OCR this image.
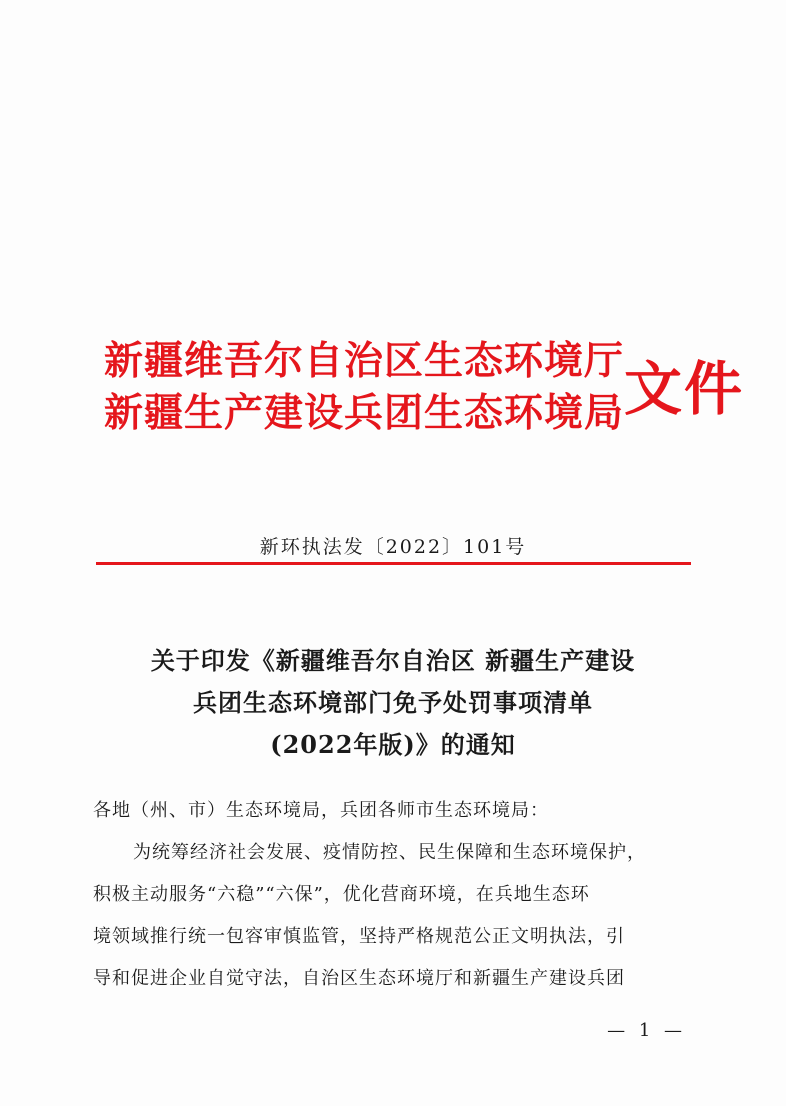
新疆维吾尔自治区生态环境厅
新疆生产建设兵团生态环境局 文件
新环执法发〔2022〕101号
关于印发《新疆维吾尔自治区 新疆生产建设
兵团生态环境部门免予处罚事项清单
(2022年版)》的通知
各地（州、市）生态环境局，兵团各师市生态环境局：
为统筹经济社会发展、疫情防控、民生保障和生态环境保护，
积极主动服务“六稳”“六保”，优化营商环境，在兵地生态环
境领域推行统一包容审慎监管，坚持严格规范公正文明执法，引
导和促进企业自觉守法，自治区生态环境厅和新疆生产建设兵团
— 1 —
